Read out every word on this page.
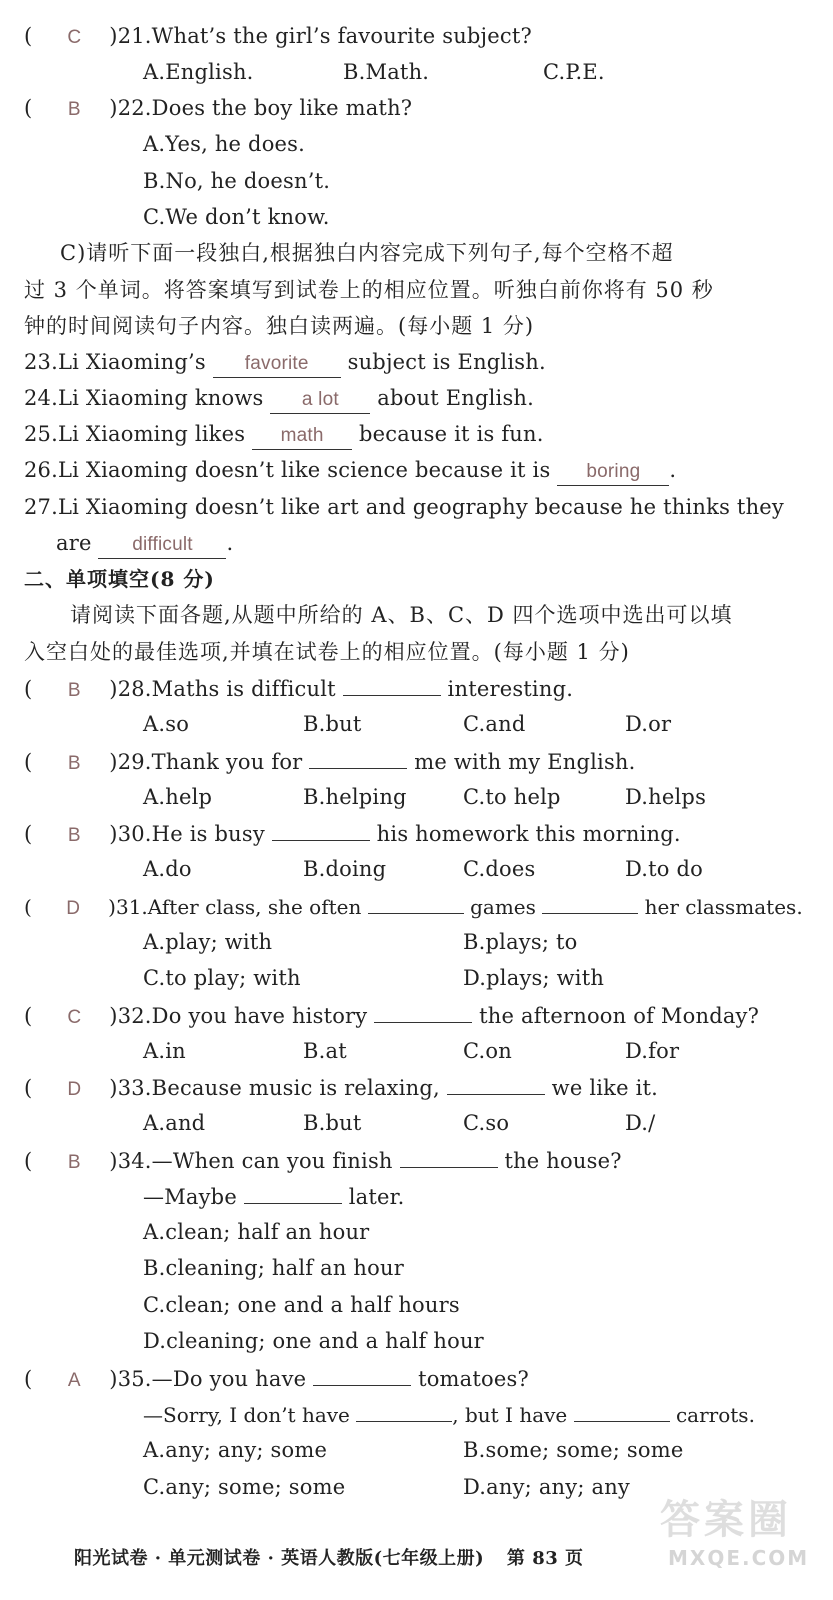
( C )21.What’s the girl’s favourite subject?
A.English.	B.Math.	C.P.E.
( B )22.Does the boy like math?
A.Yes, he does.
B.No, he doesn’t.
C.We don’t know.
C)请听下面一段独白,根据独白内容完成下列句子,每个空格不超
过 3 个单词。将答案填写到试卷上的相应位置。听独白前你将有 50 秒
钟的时间阅读句子内容。独白读两遍。(每小题 1 分)
23.Li Xiaoming’s favorite subject is English.
24.Li Xiaoming knows a lot about English.
25.Li Xiaoming likes math because it is fun.
26.Li Xiaoming doesn’t like science because it is boring .
27.Li Xiaoming doesn’t like art and geography because he thinks they
are difficult .
二、单项填空(8 分)
请阅读下面各题,从题中所给的 A、B、C、D 四个选项中选出可以填
入空白处的最佳选项,并填在试卷上的相应位置。(每小题 1 分)
( B )28.Maths is difficult	interesting.
A.so	B.but	C.and	D.or
( B )29.Thank you for	me with my English.
A.help	B.helping	C.to help	D.helps
( B )30.He is busy	his homework this morning.
A.do	B.doing	C.does	D.to do
( D )31.After class, she often	games	her classmates.
A.play; with	B.plays; to
C.to play; with	D.plays; with
( C )32.Do you have history	the afternoon of Monday?
A.in	B.at	C.on	D.for
( D )33.Because music is relaxing,	we like it.
A.and	B.but	C.so	D./
( B )34.—When can you finish	the house?
—Maybe	later.
A.clean; half an hour
B.cleaning; half an hour
C.clean; one and a half hours
D.cleaning; one and a half hour
( A )35.—Do you have	tomatoes?
—Sorry, I don’t have	, but I have	carrots.
A.any; any; some	B.some; some; some
C.any; some; some	D.any; any; any
答案圈
MXQE.COM
阳光试卷 · 单元测试卷 · 英语人教版(七年级上册) 第 83 页
